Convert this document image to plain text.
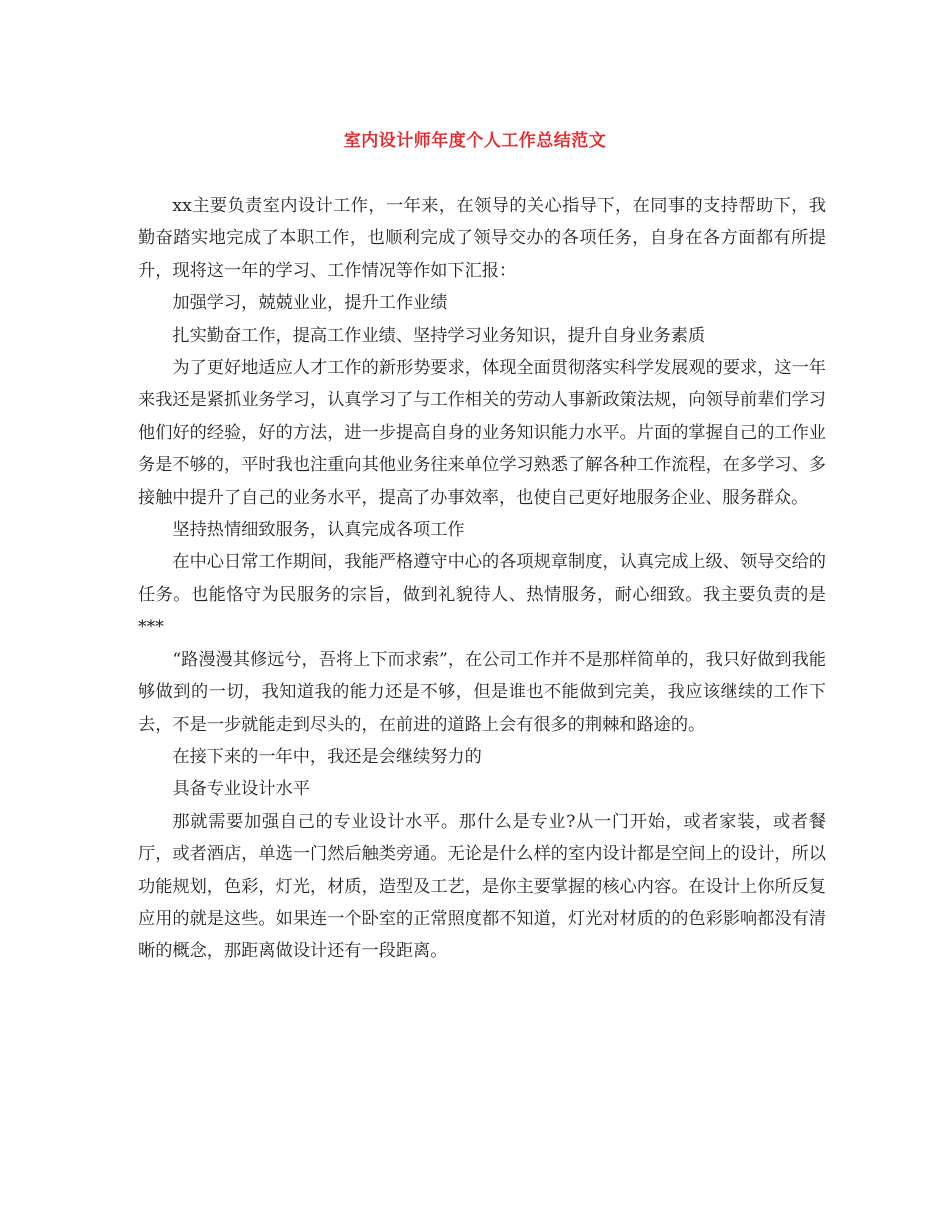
室内设计师年度个人工作总结范文

xx主要负责室内设计工作，一年来，在领导的关心指导下，在同事的支持帮助下，我勤奋踏实地完成了本职工作，也顺利完成了领导交办的各项任务，自身在各方面都有所提升，现将这一年的学习、工作情况等作如下汇报：

加强学习，兢兢业业，提升工作业绩

扎实勤奋工作，提高工作业绩、坚持学习业务知识，提升自身业务素质

为了更好地适应人才工作的新形势要求，体现全面贯彻落实科学发展观的要求，这一年来我还是紧抓业务学习，认真学习了与工作相关的劳动人事新政策法规，向领导前辈们学习他们好的经验，好的方法，进一步提高自身的业务知识能力水平。片面的掌握自己的工作业务是不够的，平时我也注重向其他业务往来单位学习熟悉了解各种工作流程，在多学习、多接触中提升了自己的业务水平，提高了办事效率，也使自己更好地服务企业、服务群众。

坚持热情细致服务，认真完成各项工作

在中心日常工作期间，我能严格遵守中心的各项规章制度，认真完成上级、领导交给的任务。也能恪守为民服务的宗旨，做到礼貌待人、热情服务，耐心细致。我主要负责的是***

“路漫漫其修远兮，吾将上下而求索”，在公司工作并不是那样简单的，我只好做到我能够做到的一切，我知道我的能力还是不够，但是谁也不能做到完美，我应该继续的工作下去，不是一步就能走到尽头的，在前进的道路上会有很多的荆棘和路途的。

在接下来的一年中，我还是会继续努力的

具备专业设计水平

那就需要加强自己的专业设计水平。那什么是专业?从一门开始，或者家装，或者餐厅，或者酒店，单选一门然后触类旁通。无论是什么样的室内设计都是空间上的设计，所以功能规划，色彩，灯光，材质，造型及工艺，是你主要掌握的核心内容。在设计上你所反复应用的就是这些。如果连一个卧室的正常照度都不知道，灯光对材质的的色彩影响都没有清晰的概念，那距离做设计还有一段距离。
